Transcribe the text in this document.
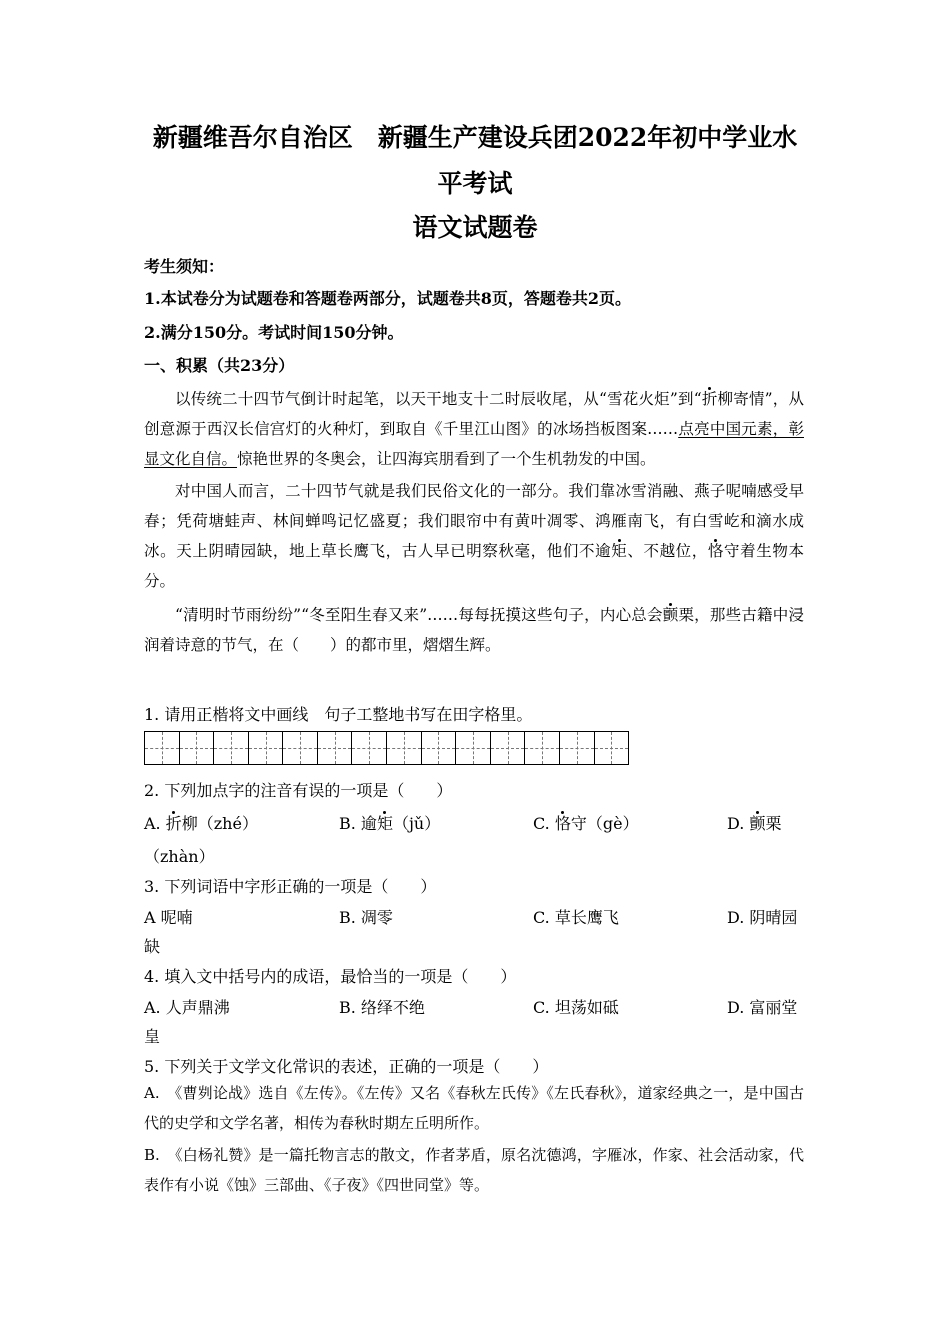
新疆维吾尔自治区　新疆生产建设兵团2022年初中学业水
平考试
语文试题卷
考生须知：
1.本试卷分为试题卷和答题卷两部分，试题卷共8页，答题卷共2页。
2.满分150分。考试时间150分钟。
一、积累（共23分）

以传统二十四节气倒计时起笔，以天干地支十二时辰收尾，从“雪花火炬”到“折柳寄情”，从创意源于西汉长信宫灯的火种灯，到取自《千里江山图》的冰场挡板图案……点亮中国元素，彰显文化自信。惊艳世界的冬奥会，让四海宾朋看到了一个生机勃发的中国。

对中国人而言，二十四节气就是我们民俗文化的一部分。我们靠冰雪消融、燕子呢喃感受早春；凭荷塘蛙声、林间蝉鸣记忆盛夏；我们眼帘中有黄叶凋零、鸿雁南飞，有白雪屹和滴水成冰。天上阴晴园缺，地上草长鹰飞，古人早已明察秋毫，他们不逾矩、不越位，恪守着生物本分。

“清明时节雨纷纷”“冬至阳生春又来”……每每抚摸这些句子，内心总会颤栗，那些古籍中浸润着诗意的节气，在（　　）的都市里，熠熠生辉。

1. 请用正楷将文中画线　句子工整地书写在田字格里。
2. 下列加点字的注音有误的一项是（　　）
A. 折柳（zhé）	B. 逾矩（jǔ）	C. 恪守（gè）	D. 颤栗
（zhàn）
3. 下列词语中字形正确的一项是（　　）
A 呢喃	B. 凋零	C. 草长鹰飞	D. 阴晴园
缺
4. 填入文中括号内的成语，最恰当的一项是（　　）
A. 人声鼎沸	B. 络绎不绝	C. 坦荡如砥	D. 富丽堂
皇
5. 下列关于文学文化常识的表述，正确的一项是（　　）

A.　《曹刿论战》选自《左传》。《左传》又名《春秋左氏传》《左氏春秋》，道家经典之一，是中国古代的史学和文学名著，相传为春秋时期左丘明所作。

B.　《白杨礼赞》是一篇托物言志的散文，作者茅盾，原名沈德鸿，字雁冰，作家、社会活动家，代表作有小说《蚀》三部曲、《子夜》《四世同堂》等。
